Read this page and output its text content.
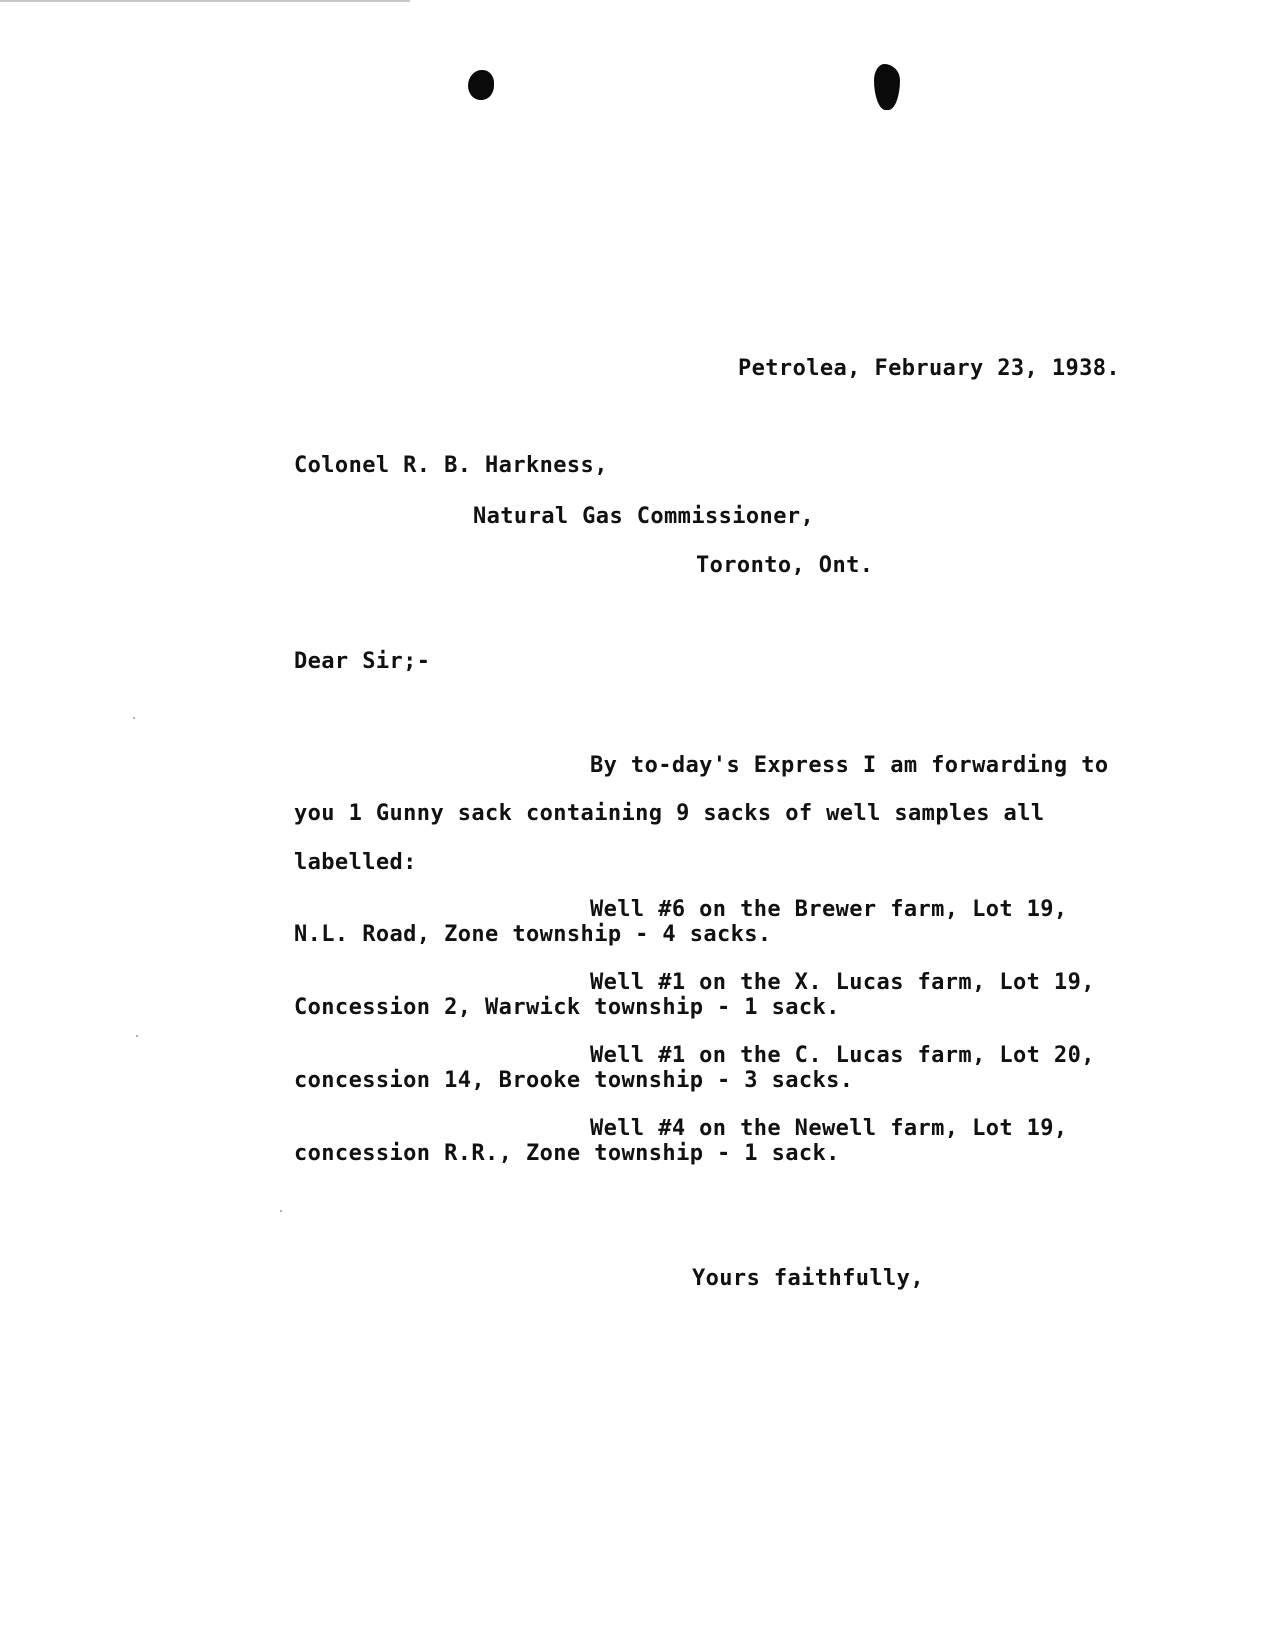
Petrolea, February 23, 1938.
Colonel R. B. Harkness,
Natural Gas Commissioner,
Toronto, Ont.
Dear Sir;-
By to-day's Express I am forwarding to
you 1 Gunny sack containing 9 sacks of well samples all
labelled:
Well #6 on the Brewer farm, Lot 19,
N.L. Road, Zone township - 4 sacks.
Well #1 on the X. Lucas farm, Lot 19,
Concession 2, Warwick township - 1 sack.
Well #1 on the C. Lucas farm, Lot 20,
concession 14, Brooke township - 3 sacks.
Well #4 on the Newell farm, Lot 19,
concession R.R., Zone township - 1 sack.
Yours faithfully,
